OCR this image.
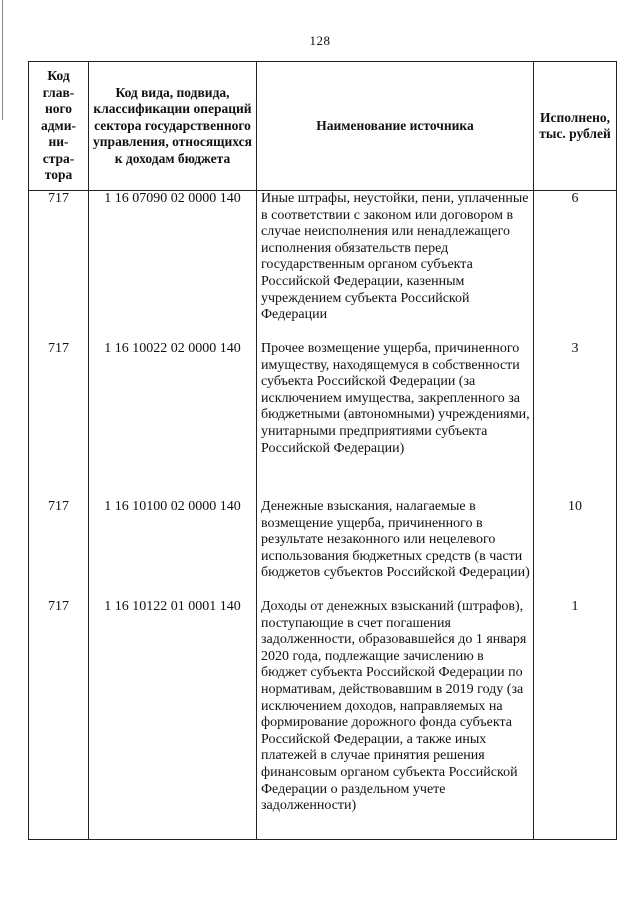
128
Код глав-ного адми-ни-стра-тора	Код вида, подвида, классификации операций сектора государственного управления, относящихся к доходам бюджета	Наименование источника	Исполнено, тыс. рублей
717	1 16 07090 02 0000 140	Иные штрафы, неустойки, пени, уплаченные в соответствии с законом или договором в случае неисполнения или ненадлежащего исполнения обязательств перед государственным органом субъекта Российской Федерации, казенным учреждением субъекта Российской Федерации	6
717	1 16 10022 02 0000 140	Прочее возмещение ущерба, причиненного имуществу, находящемуся в собственности субъекта Российской Федерации (за исключением имущества, закрепленного за бюджетными (автономными) учреждениями, унитарными предприятиями субъекта Российской Федерации)	3
717	1 16 10100 02 0000 140	Денежные взыскания, налагаемые в возмещение ущерба, причиненного в результате незаконного или нецелевого использования бюджетных средств (в части бюджетов субъектов Российской Федерации)	10
717	1 16 10122 01 0001 140	Доходы от денежных взысканий (штрафов), поступающие в счет погашения задолженности, образовавшейся до 1 января 2020 года, подлежащие зачислению в бюджет субъекта Российской Федерации по нормативам, действовавшим в 2019 году (за исключением доходов, направляемых на формирование дорожного фонда субъекта Российской Федерации, а также иных платежей в случае принятия решения финансовым органом субъекта Российской Федерации о раздельном учете задолженности)	1
